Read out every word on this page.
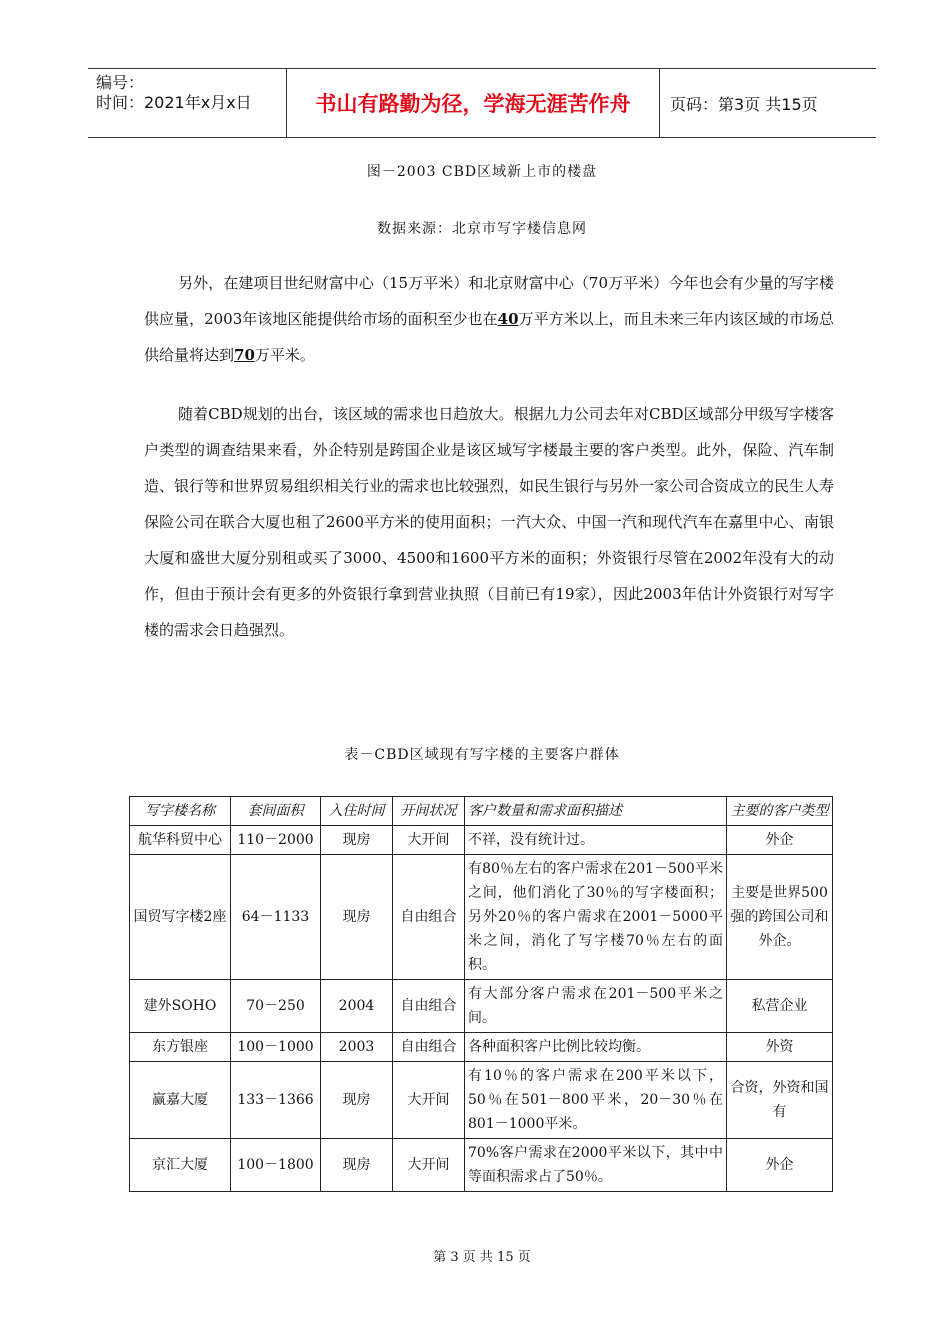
编号：
时间：2021年x月x日	书山有路勤为径，学海无涯苦作舟	页码：第3页 共15页
图－2003 CBD区域新上市的楼盘
数据来源：北京市写字楼信息网

另外，在建项目世纪财富中心（15万平米）和北京财富中心（70万平米）今年也会有少量的写字楼供应量，2003年该地区能提供给市场的面积至少也在40万平方米以上，而且未来三年内该区域的市场总供给量将达到70万平米。

随着CBD规划的出台，该区域的需求也日趋放大。根据九力公司去年对CBD区域部分甲级写字楼客户类型的调查结果来看，外企特别是跨国企业是该区域写字楼最主要的客户类型。此外，保险、汽车制造、银行等和世界贸易组织相关行业的需求也比较强烈，如民生银行与另外一家公司合资成立的民生人寿保险公司在联合大厦也租了2600平方米的使用面积；一汽大众、中国一汽和现代汽车在嘉里中心、南银大厦和盛世大厦分别租或买了3000、4500和1600平方米的面积；外资银行尽管在2002年没有大的动作，但由于预计会有更多的外资银行拿到营业执照（目前已有19家），因此2003年估计外资银行对写字楼的需求会日趋强烈。

表－CBD区域现有写字楼的主要客户群体
写字楼名称	套间面积	入住时间	开间状况	客户数量和需求面积描述	主要的客户类型
航华科贸中心	110－2000	现房	大开间	不祥，没有统计过。	外企
国贸写字楼2座	64－1133	现房	自由组合	有80％左右的客户需求在201－500平米之间，他们消化了30％的写字楼面积；另外20％的客户需求在2001－5000平米之间，消化了写字楼70％左右的面积。	主要是世界500强的跨国公司和外企。
建外SOHO	70－250	2004	自由组合	有大部分客户需求在201－500平米之间。	私营企业
东方银座	100－1000	2003	自由组合	各种面积客户比例比较均衡。	外资
赢嘉大厦	133－1366	现房	大开间	有10％的客户需求在200平米以下，50％在501－800平米，20－30％在801－1000平米。	合资，外资和国有
京汇大厦	100－1800	现房	大开间	70%客户需求在2000平米以下，其中中等面积需求占了50％。	外企
第 3 页 共 15 页
